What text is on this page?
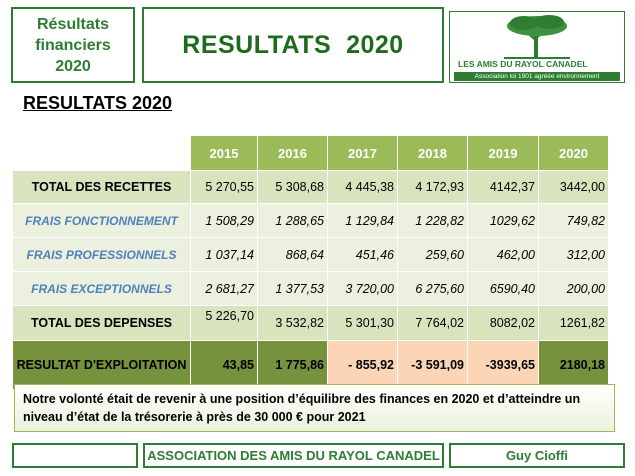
Résultats
financiers
2020
RESULTATS  2020
LES AMIS DU RAYOL CANADEL
Association loi 1901 agréée environnement
RESULTATS 2020
	2015	2016	2017	2018	2019	2020
TOTAL DES RECETTES	5 270,55	5 308,68	4 445,38	4 172,93	4142,37	3442,00
FRAIS FONCTIONNEMENT	1 508,29	1 288,65	1 129,84	1 228,82	1029,62	749,82
FRAIS PROFESSIONNELS	1 037,14	868,64	451,46	259,60	462,00	312,00
FRAIS EXCEPTIONNELS	2 681,27	1 377,53	3 720,00	6 275,60	6590,40	200,00
TOTAL DES DEPENSES	5 226,70	3 532,82	5 301,30	7 764,02	8082,02	1261,82
RESULTAT D'EXPLOITATION	43,85	1 775,86	- 855,92	-3 591,09	-3939,65	2180,18
Notre volonté était de revenir à une position d’équilibre des finances en 2020 et d’atteindre un niveau d’état de la trésorerie à près de 30 000 € pour 2021
ASSOCIATION DES AMIS DU RAYOL CANADEL	Guy Cioffi
